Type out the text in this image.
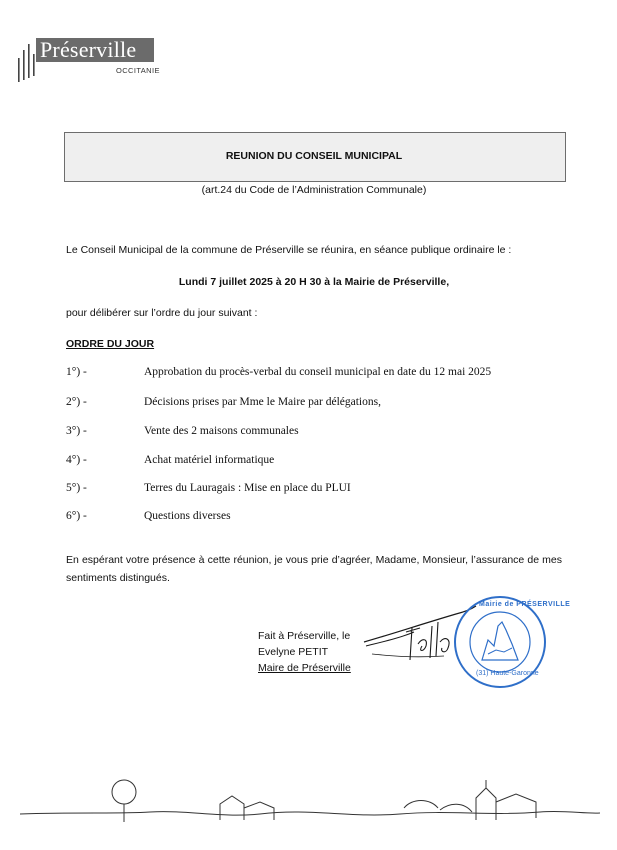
Préserville
OCCITANIE
REUNION DU CONSEIL MUNICIPAL
(art.24 du Code de l’Administration Communale)
Le Conseil Municipal de la commune de Préserville se réunira, en séance publique ordinaire le :
Lundi 7 juillet 2025 à 20 H 30 à la Mairie de Préserville,
pour délibérer sur l’ordre du jour suivant :
ORDRE DU JOUR
1°) -	Approbation du procès-verbal du conseil municipal en date du 12 mai 2025
2°) -	Décisions prises par Mme le Maire par délégations,
3°) -	Vente des 2 maisons communales
4°) -	Achat matériel informatique
5°) -	Terres du Lauragais : Mise en place du PLUI
6°) -	Questions diverses
En espérant votre présence à cette réunion, je vous prie d’agréer, Madame, Monsieur, l’assurance de mes sentiments distingués.
Fait à Préserville, le
Evelyne PETIT
Maire de Préserville
Mairie de PRÉSERVILLE
(31) Haute-Garonne
